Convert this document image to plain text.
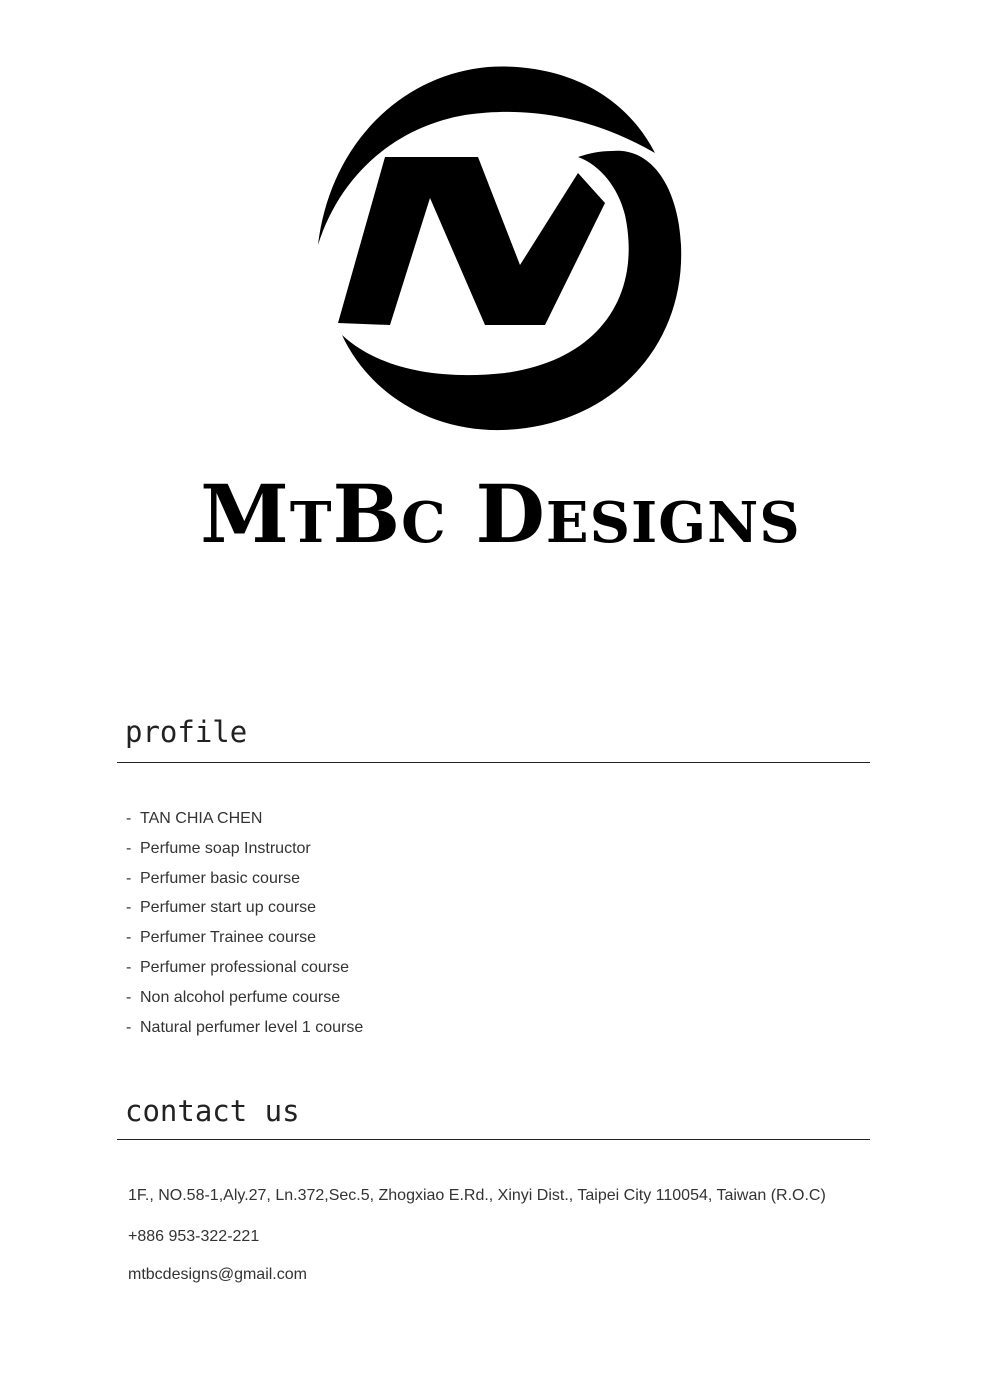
MtBc Designs
profile
- TAN CHIA CHEN
- Perfume soap Instructor
- Perfumer basic course
- Perfumer start up course
- Perfumer Trainee course
- Perfumer professional course
- Non alcohol perfume course
- Natural perfumer level 1 course
contact us
1F., NO.58-1,Aly.27, Ln.372,Sec.5, Zhogxiao E.Rd., Xinyi Dist., Taipei City 110054, Taiwan (R.O.C)
+886 953-322-221
mtbcdesigns@gmail.com
